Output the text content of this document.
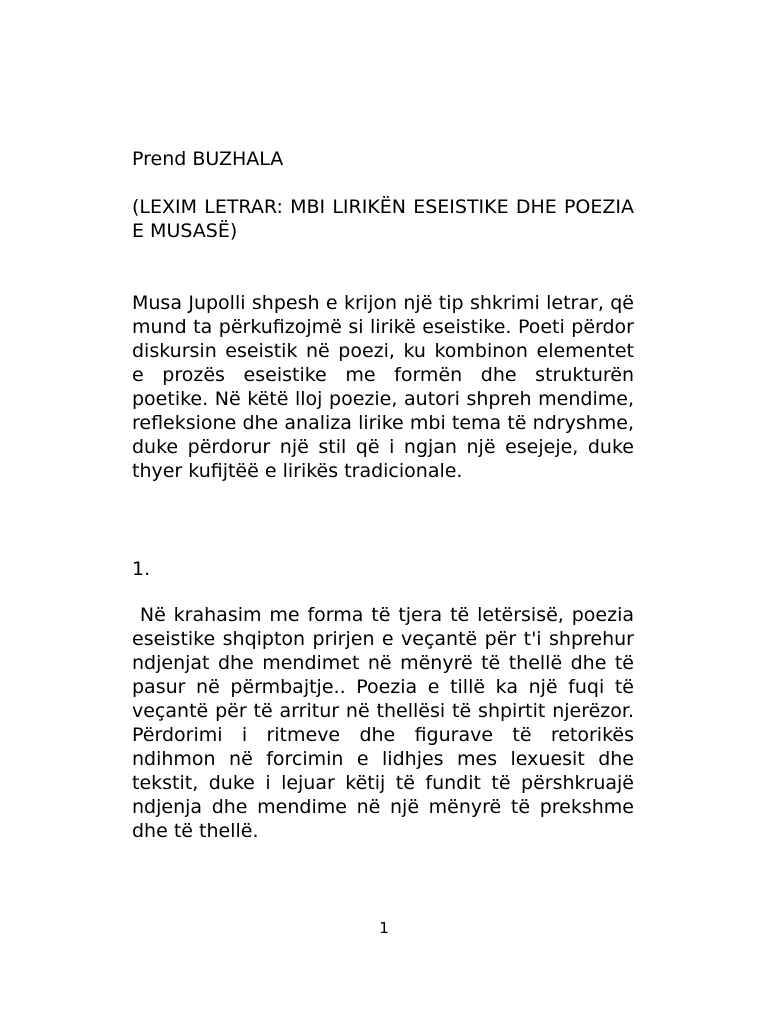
Prend BUZHALA

(LEXIM LETRAR: MBI LIRIKËN ESEISTIKE DHE POEZIA E MUSASË)

Musa Jupolli shpesh e krijon një tip shkrimi letrar, që mund ta përkufizojmë si lirikë eseistike. Poeti përdor diskursin eseistik në poezi, ku kombinon elementet e prozës eseistike me formën dhe strukturën poetike. Në këtë lloj poezie, autori shpreh mendime, refleksione dhe analiza lirike mbi tema të ndryshme, duke përdorur një stil që i ngjan një esejeje, duke thyer kufijtëë e lirikës tradicionale.

1.

Në krahasim me forma të tjera të letërsisë, poezia eseistike shqipton prirjen e veçantë për t'i shprehur ndjenjat dhe mendimet në mënyrë të thellë dhe të pasur në përmbajtje.. Poezia e tillë ka një fuqi të veçantë për të arritur në thellësi të shpirtit njerëzor. Përdorimi i ritmeve dhe figurave të retorikës ndihmon në forcimin e lidhjes mes lexuesit dhe tekstit, duke i lejuar këtij të fundit të përshkruajë ndjenja dhe mendime në një mënyrë të prekshme dhe të thellë.

1
